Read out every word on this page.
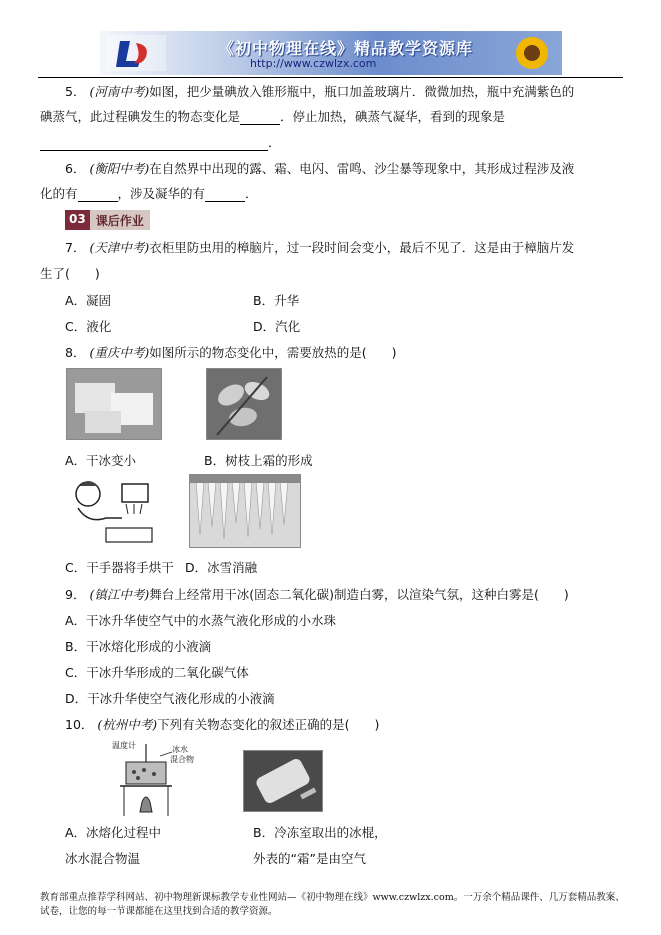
《初中物理在线》精品教学资源库
http://www.czwlzx.com
5． (河南中考)如图，把少量碘放入锥形瓶中，瓶口加盖玻璃片．微微加热，瓶中充满紫色的
碘蒸气，此过程碘发生的物态变化是	．停止加热，碘蒸气凝华，看到的现象是
．
6． (衡阳中考)在自然界中出现的露、霜、电闪、雷鸣、沙尘暴等现象中，其形成过程涉及液
化的有	，涉及凝华的有	．
03 课后作业
7． (天津中考)衣柜里防虫用的樟脑片，过一段时间会变小，最后不见了．这是由于樟脑片发
生了(　　)
A．凝固	B．升华
C．液化	D．汽化
8． (重庆中考)如图所示的物态变化中，需要放热的是(　　)
A．干冰变小	B．树枝上霜的形成
C．干手器将手烘干 D．冰雪消融
9． (镇江中考)舞台上经常用干冰(固态二氧化碳)制造白雾，以渲染气氛，这种白雾是(　　)
A．干冰升华使空气中的水蒸气液化形成的小水珠
B．干冰熔化形成的小液滴
C．干冰升华形成的二氧化碳气体
D．干冰升华使空气液化形成的小液滴
10． (杭州中考)下列有关物态变化的叙述正确的是(　　)
温度计	冰水
混合物
A．冰熔化过程中	B．冷冻室取出的冰棍，
冰水混合物温	外表的“霜”是由空气
教育部重点推荐学科网站、初中物理新课标教学专业性网站—《初中物理在线》www.czwlzx.com。一万余个精品课件、几万套精品教案、试卷，让您的每一节课都能在这里找到合适的教学资源。
